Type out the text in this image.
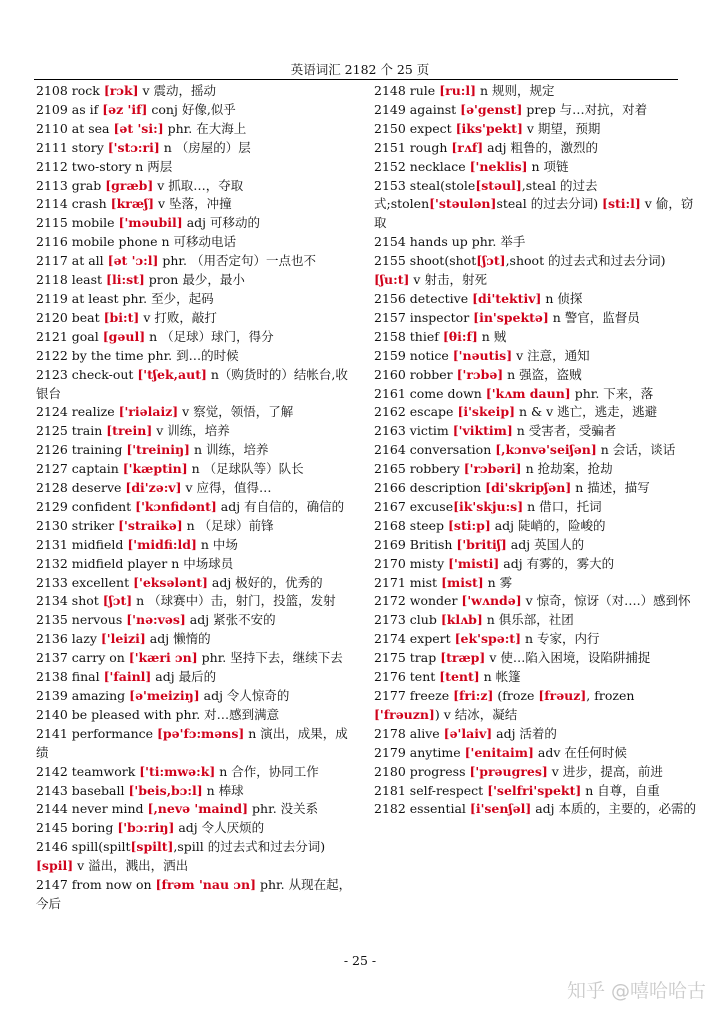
英语词汇 2182 个 25 页
2108 rock [rɔk] v 震动，摇动
2109 as if [əz 'if] conj 好像,似乎
2110 at sea [ət 'si:] phr. 在大海上
2111 story ['stɔ:ri] n （房屋的）层
2112 two-story n 两层
2113 grab [græb] v 抓取…，夺取
2114 crash [kræʃ] v 坠落，冲撞
2115 mobile ['məubil] adj 可移动的
2116 mobile phone n 可移动电话
2117 at all [ət 'ɔ:l] phr. （用否定句）一点也不
2118 least [li:st] pron 最少，最小
2119 at least phr. 至少，起码
2120 beat [bi:t] v 打败，敲打
2121 goal [gəul] n （足球）球门，得分
2122 by the time phr. 到…的时候
2123 check-out ['tʃek,aut] n（购货时的）结帐台,收银台
2124 realize ['riəlaiz] v 察觉，领悟，了解
2125 train [trein] v 训练，培养
2126 training ['treiniŋ] n 训练，培养
2127 captain ['kæptin] n （足球队等）队长
2128 deserve [di'zə:v] v 应得，值得…
2129 confident ['kɔnfidənt] adj 有自信的，确信的
2130 striker ['straikə] n （足球）前锋
2131 midfield ['midfi:ld] n 中场
2132 midfield player n 中场球员
2133 excellent ['eksələnt] adj 极好的，优秀的
2134 shot [ʃɔt] n （球赛中）击，射门，投篮，发射
2135 nervous ['nə:vəs] adj 紧张不安的
2136 lazy ['leizi] adj 懒惰的
2137 carry on ['kæri ɔn] phr. 坚持下去，继续下去
2138 final ['fainl] adj 最后的
2139 amazing [ə'meiziŋ] adj 令人惊奇的
2140 be pleased with phr. 对…感到满意
2141 performance [pə'fɔ:məns] n 演出，成果，成绩
2142 teamwork ['ti:mwə:k] n 合作，协同工作
2143 baseball ['beis,bɔ:l] n 棒球
2144 never mind [,nevə 'maind] phr. 没关系
2145 boring ['bɔ:riŋ] adj 令人厌烦的
2146 spill(spilt[spilt],spill 的过去式和过去分词)[spil] v 溢出，溅出，洒出
2147 from now on [frəm 'nau ɔn] phr. 从现在起，今后
2148 rule [ru:l] n 规则，规定
2149 against [ə'genst] prep 与…对抗，对着
2150 expect [iks'pekt] v 期望，预期
2151 rough [rʌf] adj 粗鲁的，激烈的
2152 necklace ['neklis] n 项链
2153 steal(stole[stəul],steal 的过去式;stolen['stəulən]steal 的过去分词) [sti:l] v 偷，窃取
2154 hands up phr. 举手
2155 shoot(shot[ʃɔt],shoot 的过去式和过去分词)[ʃu:t] v 射击，射死
2156 detective [di'tektiv] n 侦探
2157 inspector [in'spektə] n 警官，监督员
2158 thief [θi:f] n 贼
2159 notice ['nəutis] v 注意，通知
2160 robber ['rɔbə] n 强盗，盗贼
2161 come down ['kʌm daun] phr. 下来，落
2162 escape [i'skeip] n & v 逃亡，逃走，逃避
2163 victim ['viktim] n 受害者，受骗者
2164 conversation [,kɔnvə'seiʃən] n 会话，谈话
2165 robbery ['rɔbəri] n 抢劫案，抢劫
2166 description [di'skripʃən] n 描述，描写
2167 excuse[ik'skju:s] n 借口，托词
2168 steep [sti:p] adj 陡峭的，险峻的
2169 British ['britiʃ] adj 英国人的
2170 misty ['misti] adj 有雾的，雾大的
2171 mist [mist] n 雾
2172 wonder ['wʌndə] v 惊奇，惊讶（对….）感到怀
2173 club [klʌb] n 俱乐部，社团
2174 expert [ek'spə:t] n 专家，内行
2175 trap [træp] v 使…陷入困境，设陷阱捕捉
2176 tent [tent] n 帐篷
2177 freeze [fri:z] (froze [frəuz], frozen ['frəuzn]) v 结冰，凝结
2178 alive [ə'laiv] adj 活着的
2179 anytime ['enitaim] adv 在任何时候
2180 progress ['prəugres] v 进步，提高，前进
2181 self-respect ['selfri'spekt] n 自尊，自重
2182 essential [i'senʃəl] adj 本质的，主要的，必需的
- 25 -
知乎 @嘻哈哈古
